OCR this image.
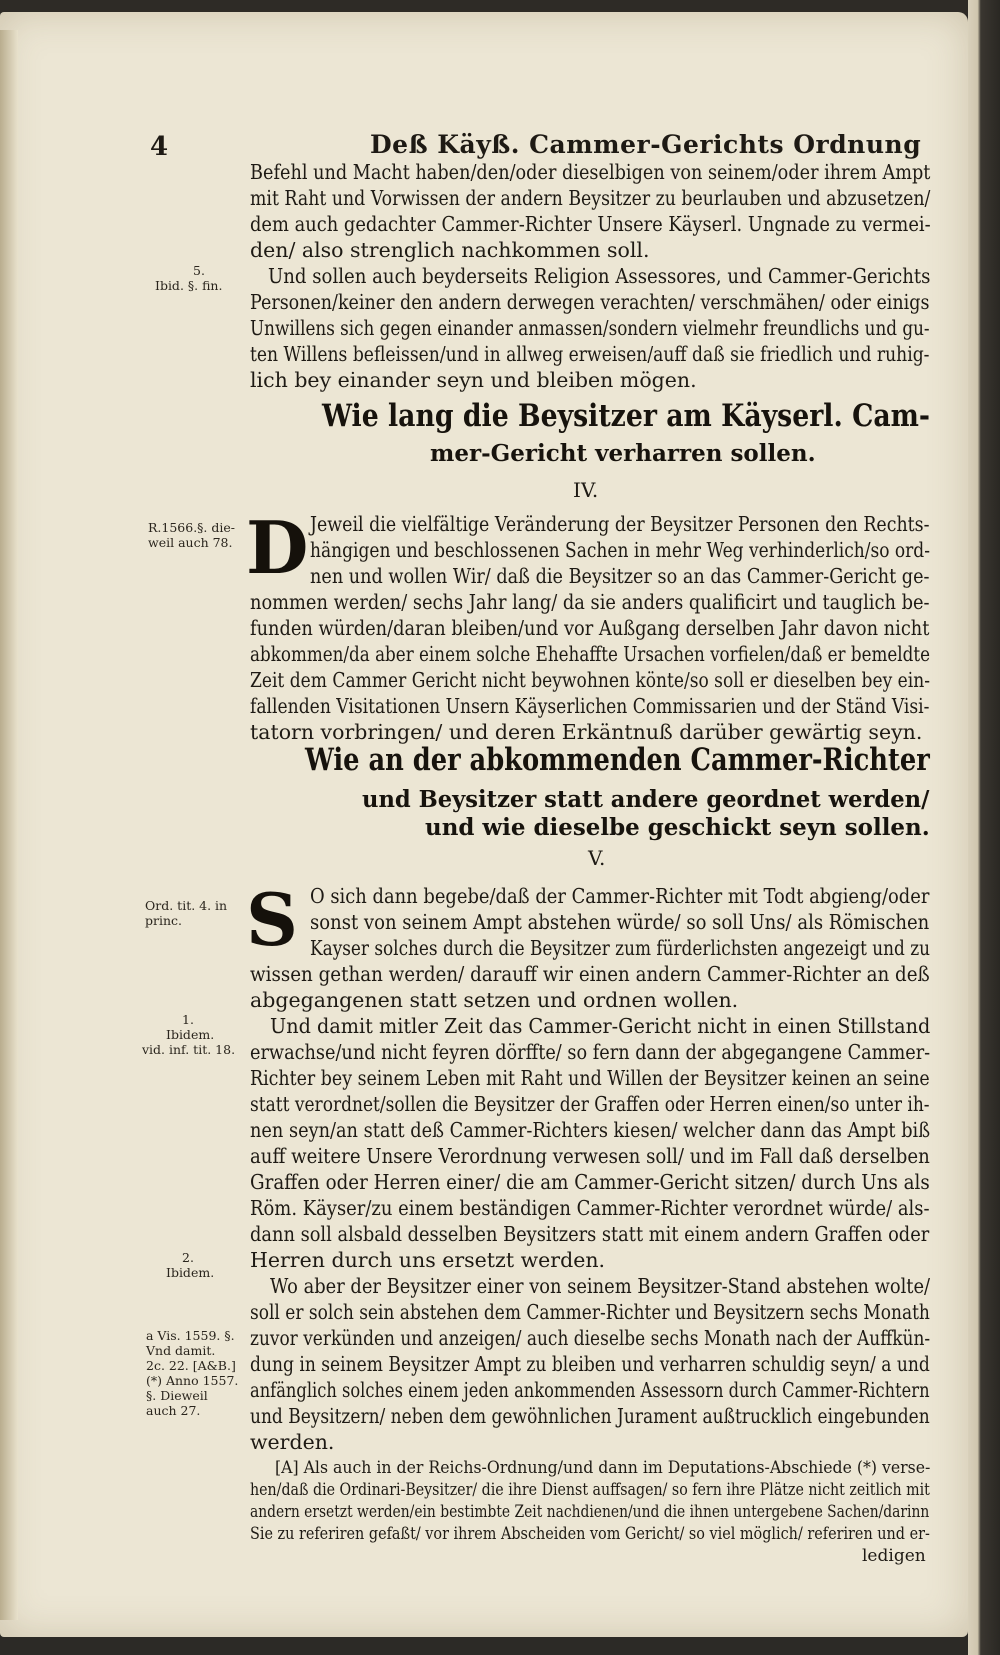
4	Deß Käyß. Cammer-Gerichts Ordnung
Befehl und Macht haben/den/oder dieselbigen von seinem/oder ihrem Ampt
mit Raht und Vorwissen der andern Beysitzer zu beurlauben und abzusetzen/
dem auch gedachter Cammer-Richter Unsere Käyserl. Ungnade zu vermei-
den/ also strenglich nachkommen soll.
5.
Ibid. §. fin. Und sollen auch beyderseits Religion Assessores, und Cammer-Gerichts
Personen/keiner den andern derwegen verachten/ verschmähen/ oder einigs
Unwillens sich gegen einander anmassen/sondern vielmehr freundlichs und gu-
ten Willens befleissen/und in allweg erweisen/auff daß sie friedlich und ruhig-
lich bey einander seyn und bleiben mögen.
Wie lang die Beysitzer am Käyserl. Cam-
mer-Gericht verharren sollen.
IV.
R.1566.§. die-
weil auch 78. D Jeweil die vielfältige Veränderung der Beysitzer Personen den Rechts-
hängigen und beschlossenen Sachen in mehr Weg verhinderlich/so ord-
nen und wollen Wir/ daß die Beysitzer so an das Cammer-Gericht ge-
nommen werden/ sechs Jahr lang/ da sie anders qualificirt und tauglich be-
funden würden/daran bleiben/und vor Außgang derselben Jahr davon nicht
abkommen/da aber einem solche Ehehaffte Ursachen vorfielen/daß er bemeldte
Zeit dem Cammer Gericht nicht beywohnen könte/so soll er dieselben bey ein-
fallenden Visitationen Unsern Käyserlichen Commissarien und der Ständ Visi-
tatorn vorbringen/ und deren Erkäntnuß darüber gewärtig seyn.
Wie an der abkommenden Cammer-Richter
und Beysitzer statt andere geordnet werden/
und wie dieselbe geschickt seyn sollen.
V.
Ord. tit. 4. in
princ. S O sich dann begebe/daß der Cammer-Richter mit Todt abgieng/oder
sonst von seinem Ampt abstehen würde/ so soll Uns/ als Römischen
Kayser solches durch die Beysitzer zum fürderlichsten angezeigt und zu
wissen gethan werden/ darauff wir einen andern Cammer-Richter an deß
abgegangenen statt setzen und ordnen wollen.
1.
Ibidem.
vid. inf. tit. 18.
Und damit mitler Zeit das Cammer-Gericht nicht in einen Stillstand
erwachse/und nicht feyren dörffte/ so fern dann der abgegangene Cammer-
Richter bey seinem Leben mit Raht und Willen der Beysitzer keinen an seine
statt verordnet/sollen die Beysitzer der Graffen oder Herren einen/so unter ih-
nen seyn/an statt deß Cammer-Richters kiesen/ welcher dann das Ampt biß
auff weitere Unsere Verordnung verwesen soll/ und im Fall daß derselben
Graffen oder Herren einer/ die am Cammer-Gericht sitzen/ durch Uns als
Röm. Käyser/zu einem beständigen Cammer-Richter verordnet würde/ als-
dann soll alsbald desselben Beysitzers statt mit einem andern Graffen oder
Herren durch uns ersetzt werden.
2.
Ibidem.
Wo aber der Beysitzer einer von seinem Beysitzer-Stand abstehen wolte/
soll er solch sein abstehen dem Cammer-Richter und Beysitzern sechs Monath
zuvor verkünden und anzeigen/ auch dieselbe sechs Monath nach der Auffkün-
dung in seinem Beysitzer Ampt zu bleiben und verharren schuldig seyn/ a und
anfänglich solches einem jeden ankommenden Assessorn durch Cammer-Richtern
und Beysitzern/ neben dem gewöhnlichen Jurament außtrucklich eingebunden
werden.
a Vis. 1559. §.
Vnd damit.
2c. 22. [A&B.]
(*) Anno 1557.
§. Dieweil
auch 27.
[A] Als auch in der Reichs-Ordnung/und dann im Deputations-Abschiede (*) verse-
hen/daß die Ordinari-Beysitzer/ die ihre Dienst auffsagen/ so fern ihre Plätze nicht zeitlich mit
andern ersetzt werden/ein bestimbte Zeit nachdienen/und die ihnen untergebene Sachen/darinn
Sie zu referiren gefaßt/ vor ihrem Abscheiden vom Gericht/ so viel möglich/ referiren und er-
ledigen
